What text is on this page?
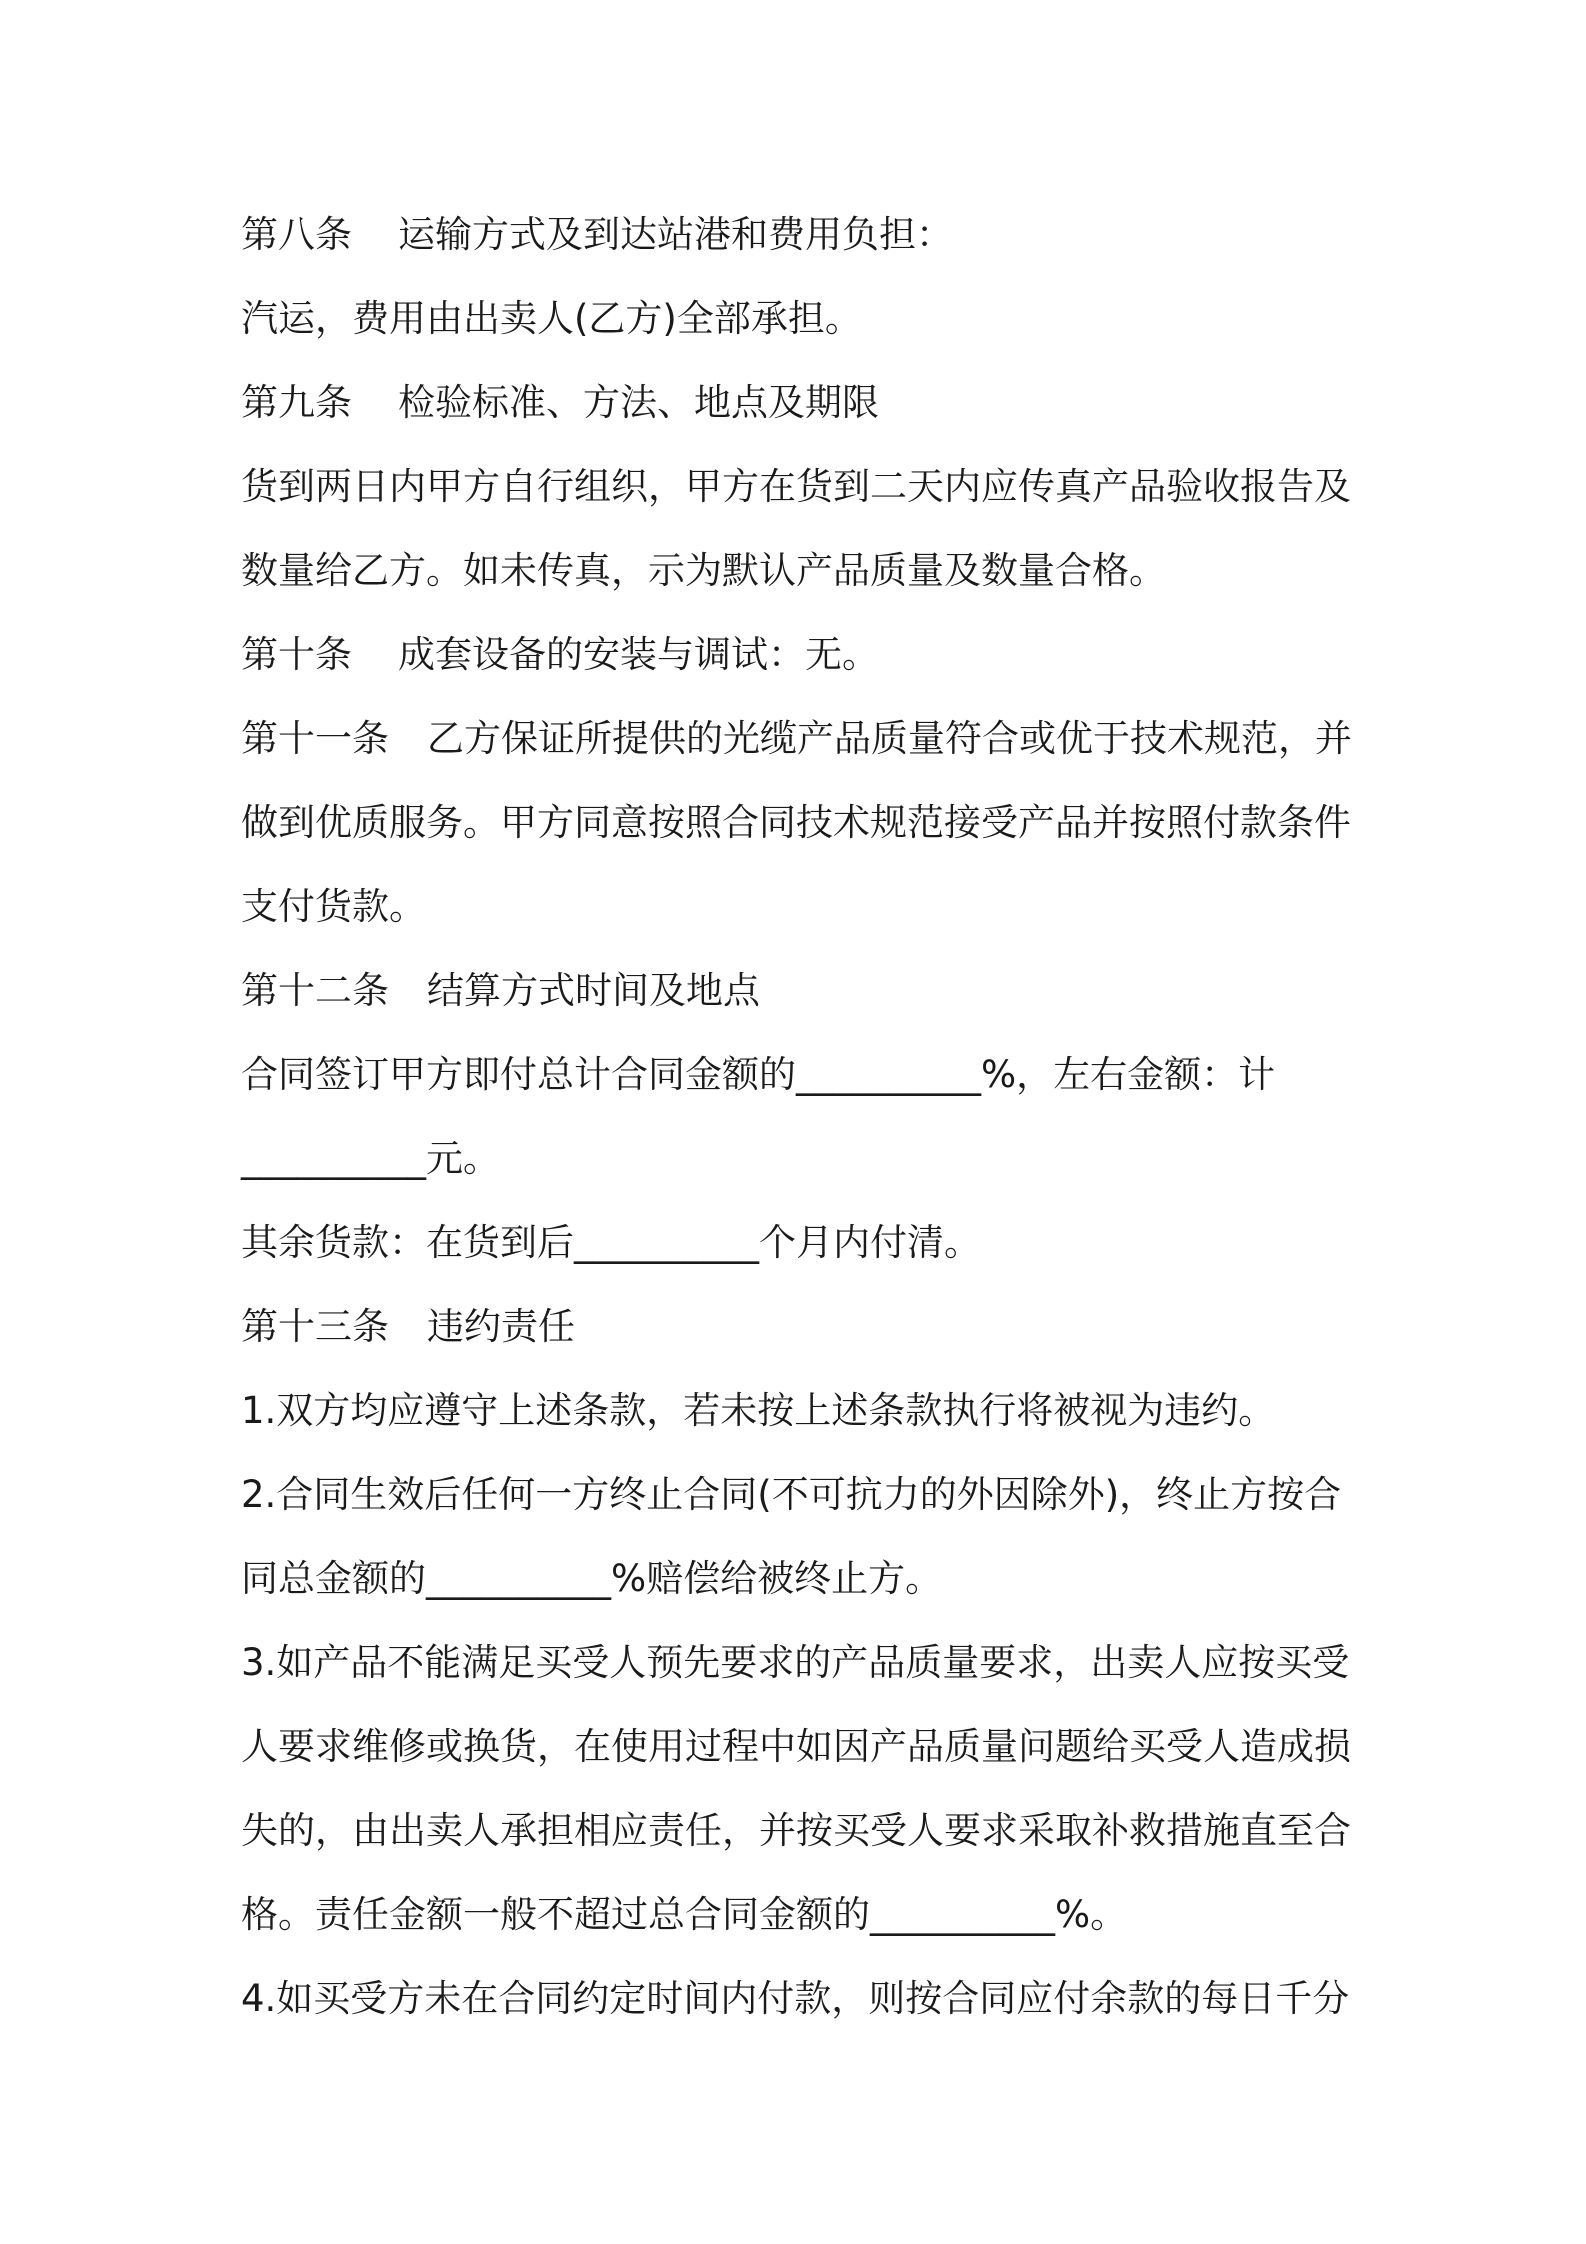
第八条 运输方式及到达站港和费用负担：
汽运，费用由出卖人(乙方)全部承担。
第九条 检验标准、方法、地点及期限
货到两日内甲方自行组织，甲方在货到二天内应传真产品验收报告及
数量给乙方。如未传真，示为默认产品质量及数量合格。
第十条 成套设备的安装与调试：无。
第十一条 乙方保证所提供的光缆产品质量符合或优于技术规范，并
做到优质服务。甲方同意按照合同技术规范接受产品并按照付款条件
支付货款。
第十二条 结算方式时间及地点
合同签订甲方即付总计合同金额的__________%，左右金额：计
__________元。
其余货款：在货到后__________个月内付清。
第十三条 违约责任
1.双方均应遵守上述条款，若未按上述条款执行将被视为违约。
2.合同生效后任何一方终止合同(不可抗力的外因除外)，终止方按合
同总金额的__________%赔偿给被终止方。
3.如产品不能满足买受人预先要求的产品质量要求，出卖人应按买受
人要求维修或换货，在使用过程中如因产品质量问题给买受人造成损
失的，由出卖人承担相应责任，并按买受人要求采取补救措施直至合
格。责任金额一般不超过总合同金额的__________%。
4.如买受方未在合同约定时间内付款，则按合同应付余款的每日千分
